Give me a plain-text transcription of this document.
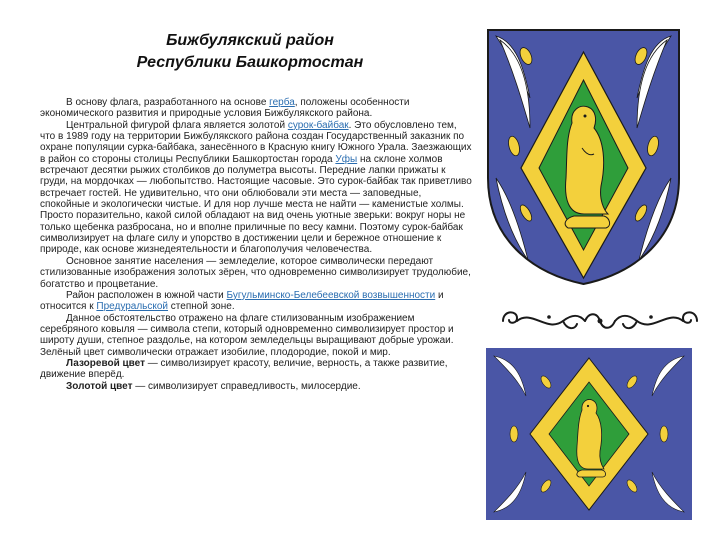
Бижбулякский район
Республики Башкортостан

В основу флага, разработанного на основе герба, положены особенности экономического развития и природные условия Бижбулякского района.

Центральной фигурой флага является золотой сурок-байбак. Это обусловлено тем, что в 1989 году на территории Бижбулякского района создан Государственный заказник по охране популяции сурка-байбака, занесённого в Красную книгу Южного Урала. Заезжающих в район со стороны столицы Республики Башкортостан города Уфы на склоне холмов встречают десятки рыжих столбиков до полуметра высоты. Передние лапки прижаты к груди, на мордочках — любопытство. Настоящие часовые. Это сурок-байбак так приветливо встречает гостей. Не удивительно, что они облюбовали эти места — заповедные, спокойные и экологически чистые. И для нор лучше места не найти — каменистые холмы. Просто поразительно, какой силой обладают на вид очень уютные зверьки: вокруг норы не только щебенка разбросана, но и вполне приличные по весу камни. Поэтому сурок-байбак символизирует на флаге силу и упорство в достижении цели и бережное отношение к природе, как основе жизнедеятельности и благополучия человечества.

Основное занятие населения — земледелие, которое символически передают стилизованные изображения золотых зёрен, что одновременно символизирует трудолюбие, богатство и процветание.

Район расположен в южной части Бугульминско-Белебеевской возвышенности и относится к Предуральской степной зоне.

Данное обстоятельство отражено на флаге стилизованным изображением серебряного ковыля — символа степи, который одновременно символизирует простор и широту души, степное раздолье, на котором земледельцы выращивают добрые урожаи. Зелёный цвет символически отражает изобилие, плодородие, покой и мир.

Лазоревой цвет — символизирует красоту, величие, верность, а также развитие, движение вперёд.

Золотой цвет — символизирует справедливость, милосердие.
